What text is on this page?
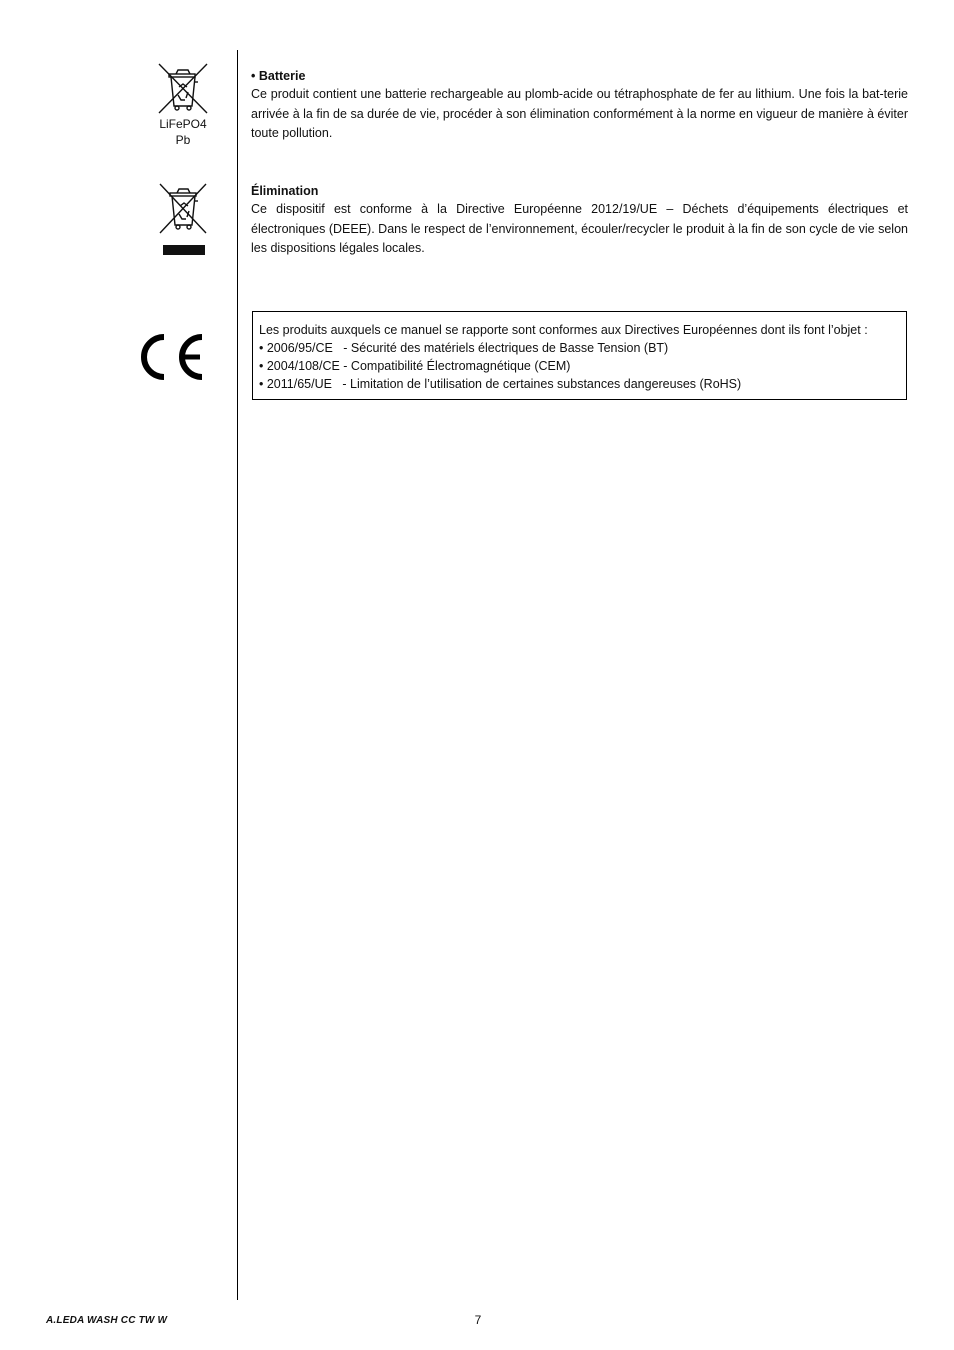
LiFePO4
Pb

• Batterie

Ce produit contient une batterie rechargeable au plomb-acide ou tétraphosphate de fer au lithium. Une fois la bat-terie arrivée à la fin de sa durée de vie, procéder à son élimination conformément à la norme en vigueur de manière à éviter toute pollution.

Élimination

Ce dispositif est conforme à la Directive Européenne 2012/19/UE – Déchets d’équipements électriques et électroniques (DEEE). Dans le respect de l’environnement, écouler/recycler le produit à la fin de son cycle de vie selon les dispositions légales locales.

Les produits auxquels ce manuel se rapporte sont conformes aux Directives Européennes dont ils font l’objet :

• 2006/95/CE   - Sécurité des matériels électriques de Basse Tension (BT)

• 2004/108/CE - Compatibilité Électromagnétique (CEM)

• 2011/65/UE   - Limitation de l’utilisation de certaines substances dangereuses (RoHS)

A.LEDA WASH CC TW W	7
